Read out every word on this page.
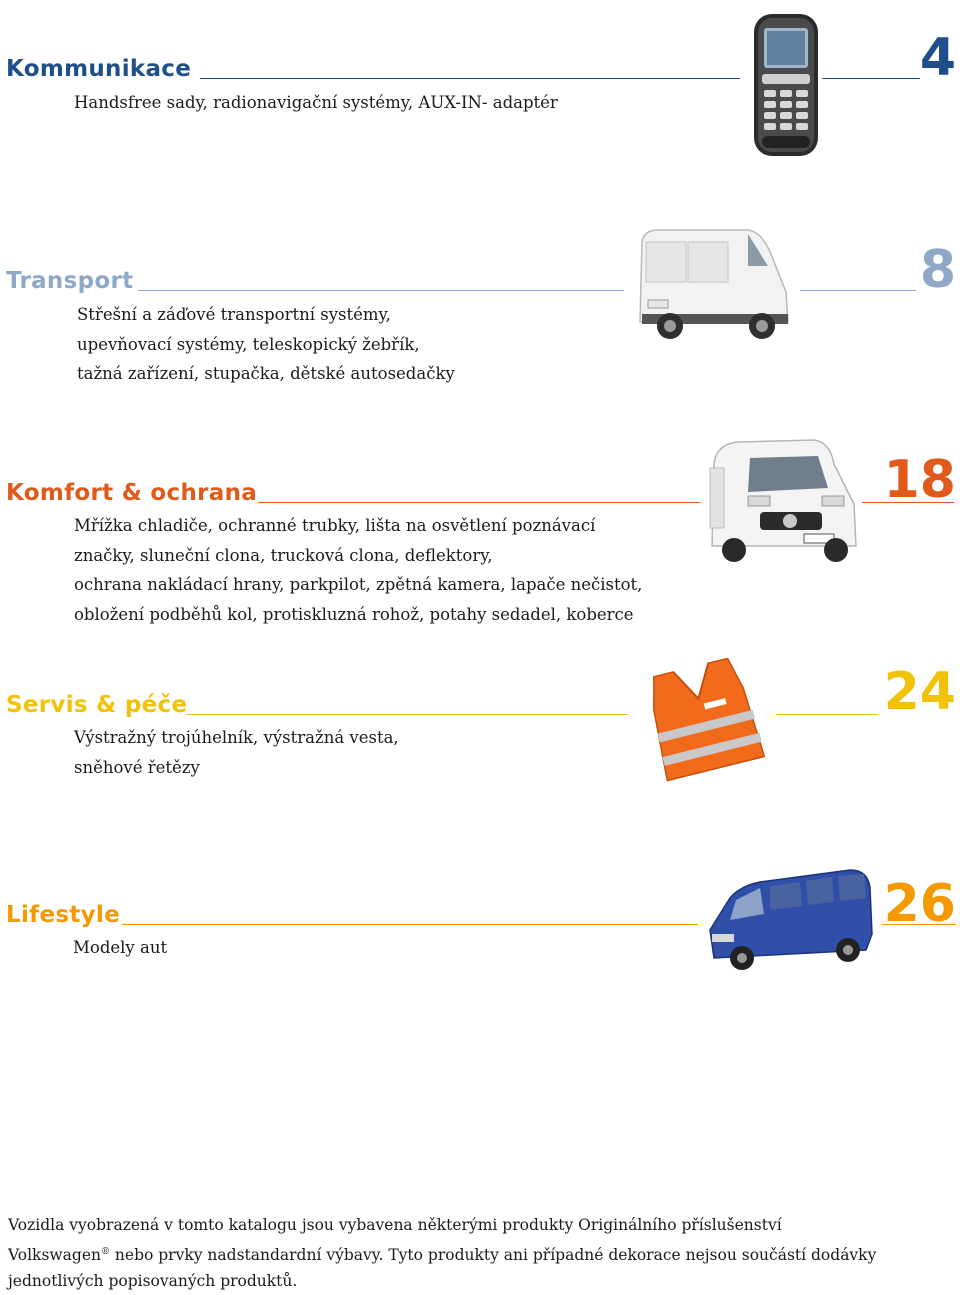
Kommunikace	4
Handsfree sady, radionavigační systémy, AUX-IN- adaptér
Transport	8
Střešní a záďové transportní systémy,
upevňovací systémy, teleskopický žebřík,
tažná zařízení, stupačka, dětské autosedačky
Komfort & ochrana	18
Mřížka chladiče, ochranné trubky, lišta na osvětlení poznávací
značky, sluneční clona, trucková clona, deflektory,
ochrana nakládací hrany, parkpilot, zpětná kamera, lapače nečistot,
obložení podběhů kol, protiskluzná rohož, potahy sedadel, koberce
Servis & péče	24
Výstražný trojúhelník, výstražná vesta,
sněhové řetězy
Lifestyle	26
Modely aut
Vozidla vyobrazená v tomto katalogu jsou vybavena některými produkty Originálního příslušenství
Volkswagen® nebo prvky nadstandardní výbavy. Tyto produkty ani případné dekorace nejsou součástí dodávky
jednotlivých popisovaných produktů.
